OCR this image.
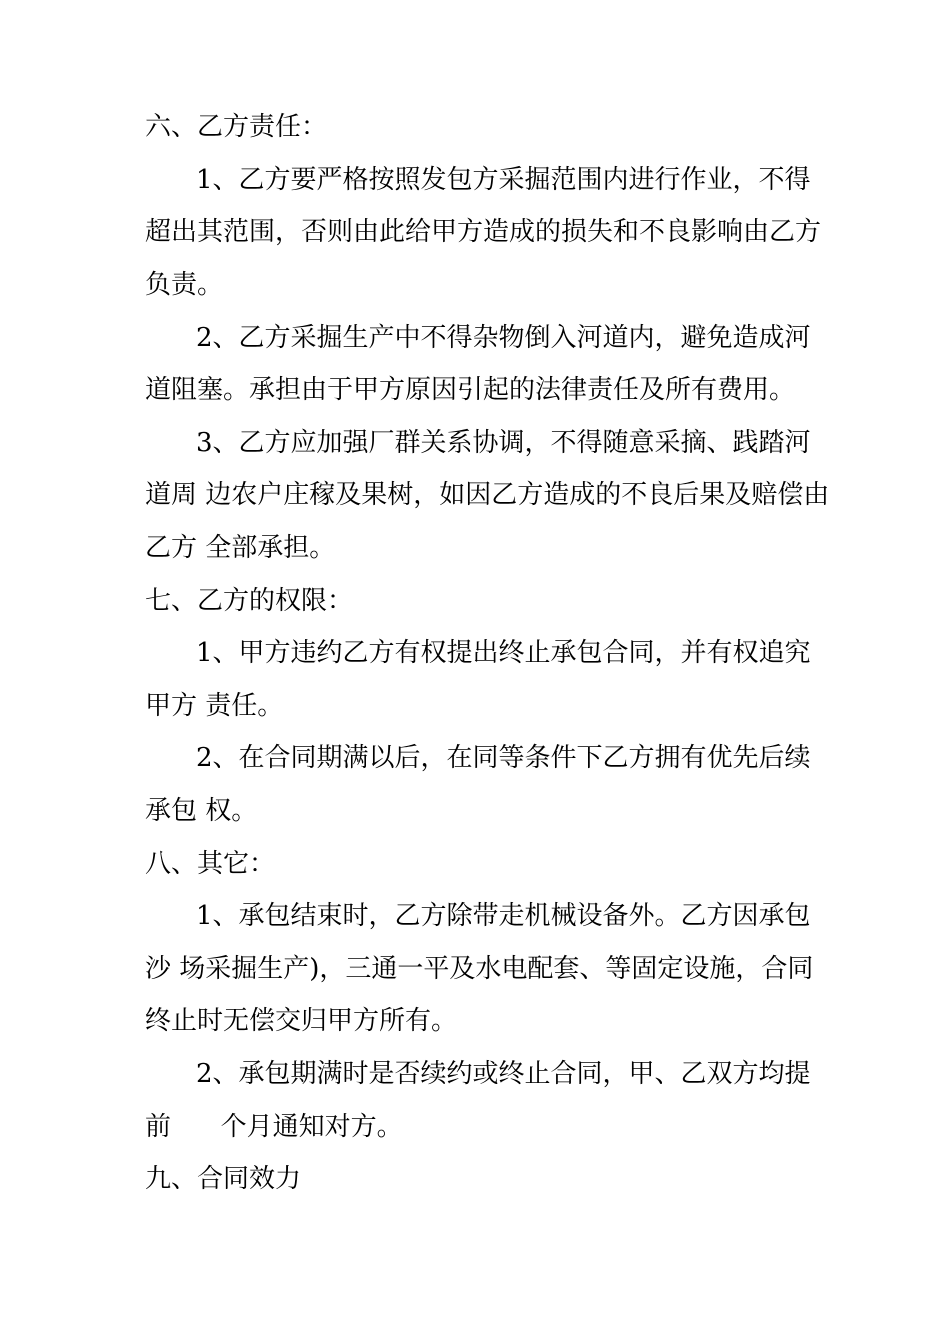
六、乙方责任：
1、乙方要严格按照发包方采掘范围内进行作业，不得
超出其范围，否则由此给甲方造成的损失和不良影响由乙方
负责。
2、乙方采掘生产中不得杂物倒入河道内，避免造成河
道阻塞。承担由于甲方原因引起的法律责任及所有费用。
3、乙方应加强厂群关系协调，不得随意采摘、践踏河
道周 边农户庄稼及果树，如因乙方造成的不良后果及赔偿由
乙方 全部承担。
七、乙方的权限：
1、甲方违约乙方有权提出终止承包合同，并有权追究
甲方 责任。
2、在合同期满以后，在同等条件下乙方拥有优先后续
承包 权。
八、其它：
1、承包结束时，乙方除带走机械设备外。乙方因承包
沙 场采掘生产)，三通一平及水电配套、等固定设施，合同
终止时无偿交归甲方所有。
2、承包期满时是否续约或终止合同，甲、乙双方均提
前      个月通知对方。
九、合同效力
